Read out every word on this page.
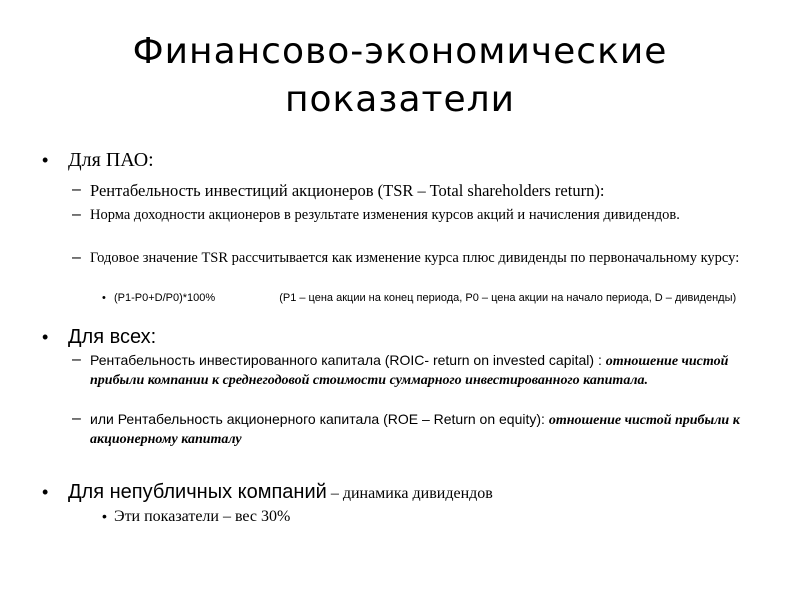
Финансово-экономические
показатели
• Для ПАО:
– Рентабельность инвестиций акционеров (TSR – Total shareholders return):
– Норма доходности акционеров в результате изменения курсов акций и начисления дивидендов.
– Годовое значение TSR рассчитывается как изменение курса плюс дивиденды по первоначальному курсу:
• (P1-P0+D/P0)*100%	(P1 – цена акции на конец периода, P0 – цена акции на начало периода, D – дивиденды)
• Для всех:
– Рентабельность инвестированного капитала (ROIC- return on invested capital) : отношение чистой прибыли компании к среднегодовой стоимости суммарного инвестированного капитала.
– или Рентабельность акционерного капитала (ROE – Return on equity): отношение чистой прибыли к акционерному капиталу
• Для непубличных компаний – динамика дивидендов
• Эти показатели – вес 30%
